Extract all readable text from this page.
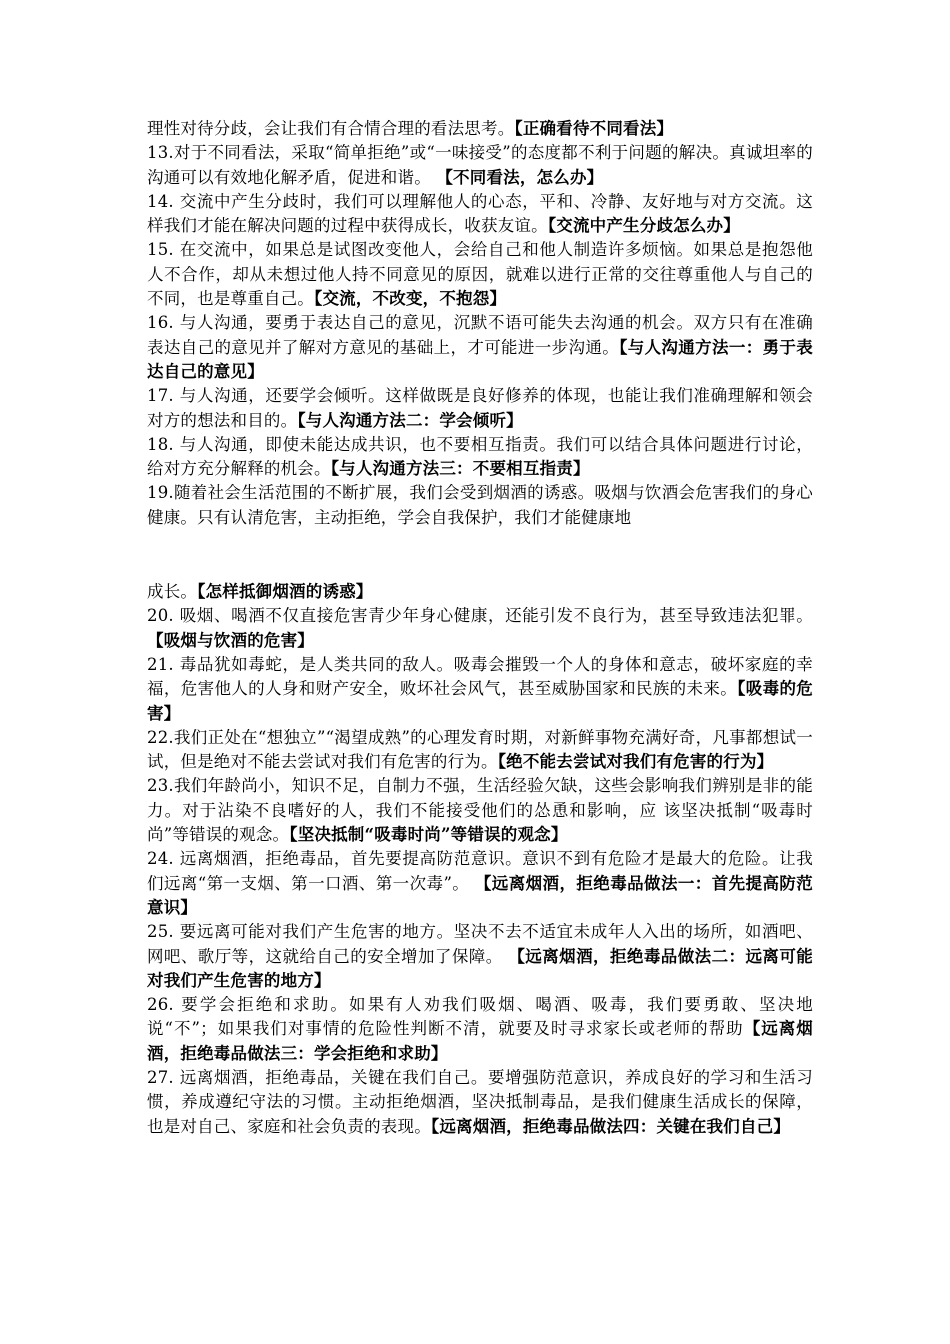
理性对待分歧，会让我们有合情合理的看法思考。【正确看待不同看法】

13.对于不同看法，采取“简单拒绝”或“一味接受”的态度都不利于问题的解决。真诚坦率的沟通可以有效地化解矛盾，促进和谐。 【不同看法，怎么办】

14. 交流中产生分歧时，我们可以理解他人的心态，平和、冷静、友好地与对方交流。这样我们才能在解决问题的过程中获得成长，收获友谊。【交流中产生分歧怎么办】

15. 在交流中，如果总是试图改变他人，会给自己和他人制造许多烦恼。如果总是抱怨他人不合作，却从未想过他人持不同意见的原因，就难以进行正常的交往尊重他人与自己的不同，也是尊重自己。【交流，不改变，不抱怨】

16. 与人沟通，要勇于表达自己的意见，沉默不语可能失去沟通的机会。双方只有在准确表达自己的意见并了解对方意见的基础上，才可能进一步沟通。【与人沟通方法一：勇于表达自己的意见】

17. 与人沟通，还要学会倾听。这样做既是良好修养的体现，也能让我们准确理解和领会对方的想法和目的。【与人沟通方法二：学会倾听】

18. 与人沟通，即使未能达成共识，也不要相互指责。我们可以结合具体问题进行讨论，给对方充分解释的机会。【与人沟通方法三：不要相互指责】

19.随着社会生活范围的不断扩展，我们会受到烟酒的诱惑。吸烟与饮酒会危害我们的身心健康。只有认清危害，主动拒绝，学会自我保护，我们才能健康地

成长。【怎样抵御烟酒的诱惑】

20. 吸烟、喝酒不仅直接危害青少年身心健康，还能引发不良行为，甚至导致违法犯罪。【吸烟与饮酒的危害】

21. 毒品犹如毒蛇，是人类共同的敌人。吸毒会摧毁一个人的身体和意志，破坏家庭的幸福，危害他人的人身和财产安全，败坏社会风气，甚至威胁国家和民族的未来。【吸毒的危害】

22.我们正处在“想独立”“渴望成熟”的心理发育时期，对新鲜事物充满好奇，凡事都想试一试，但是绝对不能去尝试对我们有危害的行为。【绝不能去尝试对我们有危害的行为】

23.我们年龄尚小，知识不足，自制力不强，生活经验欠缺，这些会影响我们辨别是非的能力。对于沾染不良嗜好的人，我们不能接受他们的怂恿和影响，应 该坚决抵制“吸毒时尚”等错误的观念。【坚决抵制“吸毒时尚”等错误的观念】

24. 远离烟酒，拒绝毒品，首先要提高防范意识。意识不到有危险才是最大的危险。让我们远离“第一支烟、第一口酒、第一次毒”。 【远离烟酒，拒绝毒品做法一：首先提高防范意识】

25. 要远离可能对我们产生危害的地方。坚决不去不适宜未成年人入出的场所，如酒吧、网吧、歌厅等，这就给自己的安全增加了保障。 【远离烟酒，拒绝毒品做法二：远离可能对我们产生危害的地方】

26. 要学会拒绝和求助。如果有人劝我们吸烟、喝酒、吸毒，我们要勇敢、坚决地说“不”；如果我们对事情的危险性判断不清，就要及时寻求家长或老师的帮助【远离烟酒，拒绝毒品做法三：学会拒绝和求助】

27. 远离烟酒，拒绝毒品，关键在我们自己。要增强防范意识，养成良好的学习和生活习惯，养成遵纪守法的习惯。主动拒绝烟酒，坚决抵制毒品，是我们健康生活成长的保障，也是对自己、家庭和社会负责的表现。【远离烟酒，拒绝毒品做法四：关键在我们自己】
